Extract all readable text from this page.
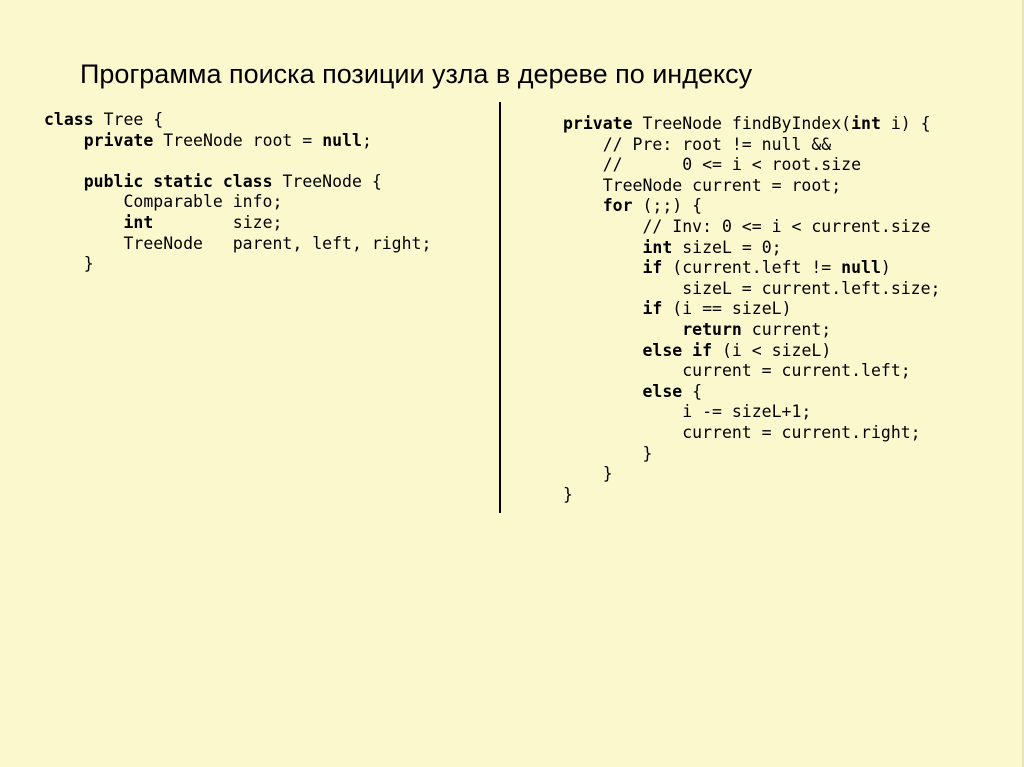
Программа поиска позиции узла в дереве по индексу
class Tree {
private TreeNode root = null;
public static class TreeNode {
Comparable info;
int        size;
TreeNode   parent, left, right;
}
private TreeNode findByIndex(int i) {
// Pre: root != null &&
//      0 <= i < root.size
TreeNode current = root;
for (;;) {
// Inv: 0 <= i < current.size
int sizeL = 0;
if (current.left != null)
sizeL = current.left.size;
if (i == sizeL)
return current;
else if (i < sizeL)
current = current.left;
else {
i -= sizeL+1;
current = current.right;
}
}
}
